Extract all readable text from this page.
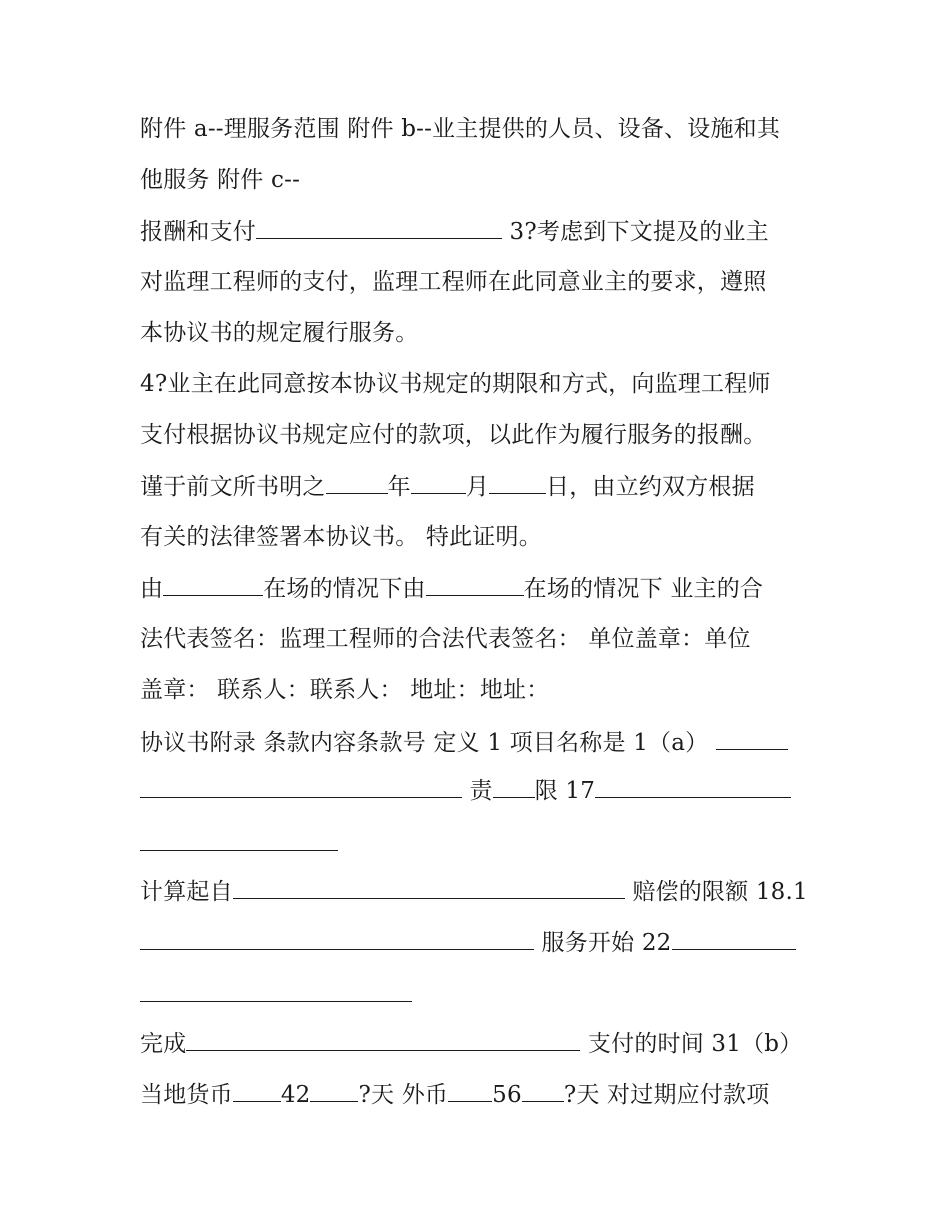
附件 a--理服务范围 附件 b--业主提供的人员、设备、设施和其
他服务 附件 c--
报酬和支付	3?考虑到下文提及的业主
对监理工程师的支付，监理工程师在此同意业主的要求，遵照
本协议书的规定履行服务。
4?业主在此同意按本协议书规定的期限和方式，向监理工程师
支付根据协议书规定应付的款项，以此作为履行服务的报酬。
谨于前文所书明之	年 月 日，由立约双方根据
有关的法律签署本协议书。 特此证明。
由	在场的情况下由	在场的情况下 业主的合
法代表签名：监理工程师的合法代表签名： 单位盖章：单位
盖章： 联系人：联系人： 地址：地址：
协议书附录 条款内容条款号 定义 1 项目名称是 1（a）
责 限 17
计算起自	赔偿的限额 18.1
服务开始 22
完成	支付的时间 31（b）
当地货币 42 ?天 外币 56 ?天 对过期应付款项
